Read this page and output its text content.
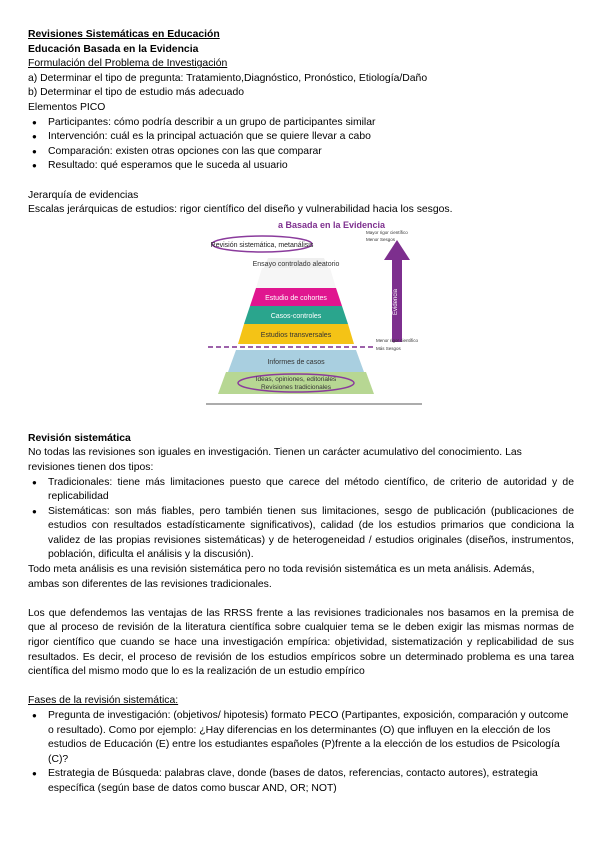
Revisiones Sistemáticas en Educación
Educación Basada en la Evidencia
Formulación del Problema de Investigación
a) Determinar el tipo de pregunta: Tratamiento,Diagnóstico, Pronóstico, Etiología/Daño
b) Determinar el tipo de estudio más adecuado
Elementos PICO
● Participantes: cómo podría describir a un grupo de participantes similar
● Intervención: cuál es la principal actuación que se quiere llevar a cabo
● Comparación: existen otras opciones con las que comparar
● Resultado: qué esperamos que le suceda al usuario
Jerarquía de evidencias
Escalas jerárquicas de estudios: rigor científico del diseño y vulnerabilidad hacia los sesgos.
a Basada en la Evidencia
Revisión sistemática, metanálisis
Ensayo controlado aleatorio
Estudio de cohortes
Casos-controles
Estudios transversales
Informes de casos
Ideas, opiniones, editoriales
Revisiones tradicionales
Evidencia
Mayor rigor científico
Menor Sesgos
Menor rigor científico
Más Sesgos
Revisión sistemática
No todas las revisiones son iguales en investigación. Tienen un carácter acumulativo del conocimiento. Las
revisiones tienen dos tipos:
● Tradicionales: tiene más limitaciones puesto que carece del método científico, de criterio de autoridad y de replicabilidad
● Sistemáticas: son más fiables, pero también tienen sus limitaciones, sesgo de publicación (publicaciones de estudios con resultados estadísticamente significativos), calidad (de los estudios primarios que condiciona la validez de las propias revisiones sistemáticas) y de heterogeneidad / estudios originales (diseños, instrumentos, población, dificulta el análisis y la discusión).
Todo meta análisis es una revisión sistemática pero no toda revisión sistemática es un meta análisis. Además,
ambas son diferentes de las revisiones tradicionales.
Los que defendemos las ventajas de las RRSS frente a las revisiones tradicionales nos basamos en la premisa de que al proceso de revisión de la literatura científica sobre cualquier tema se le deben exigir las mismas normas de rigor científico que cuando se hace una investigación empírica: objetividad, sistematización y replicabilidad de sus resultados. Es decir, el proceso de revisión de los estudios empíricos sobre un determinado problema es una tarea científica del mismo modo que lo es la realización de un estudio empírico
Fases de la revisión sistemática:
● Pregunta de investigación: (objetivos/ hipotesis) formato PECO (Partipantes, exposición, comparación y outcome o resultado). Como por ejemplo: ¿Hay diferencias en los determinantes (O) que influyen en la elección de los estudios de Educación (E) entre los estudiantes españoles (P)frente a la elección de los estudios de Psicología (C)?
● Estrategia de Búsqueda: palabras clave, donde (bases de datos, referencias, contacto autores), estrategia específica (según base de datos como buscar AND, OR; NOT)
